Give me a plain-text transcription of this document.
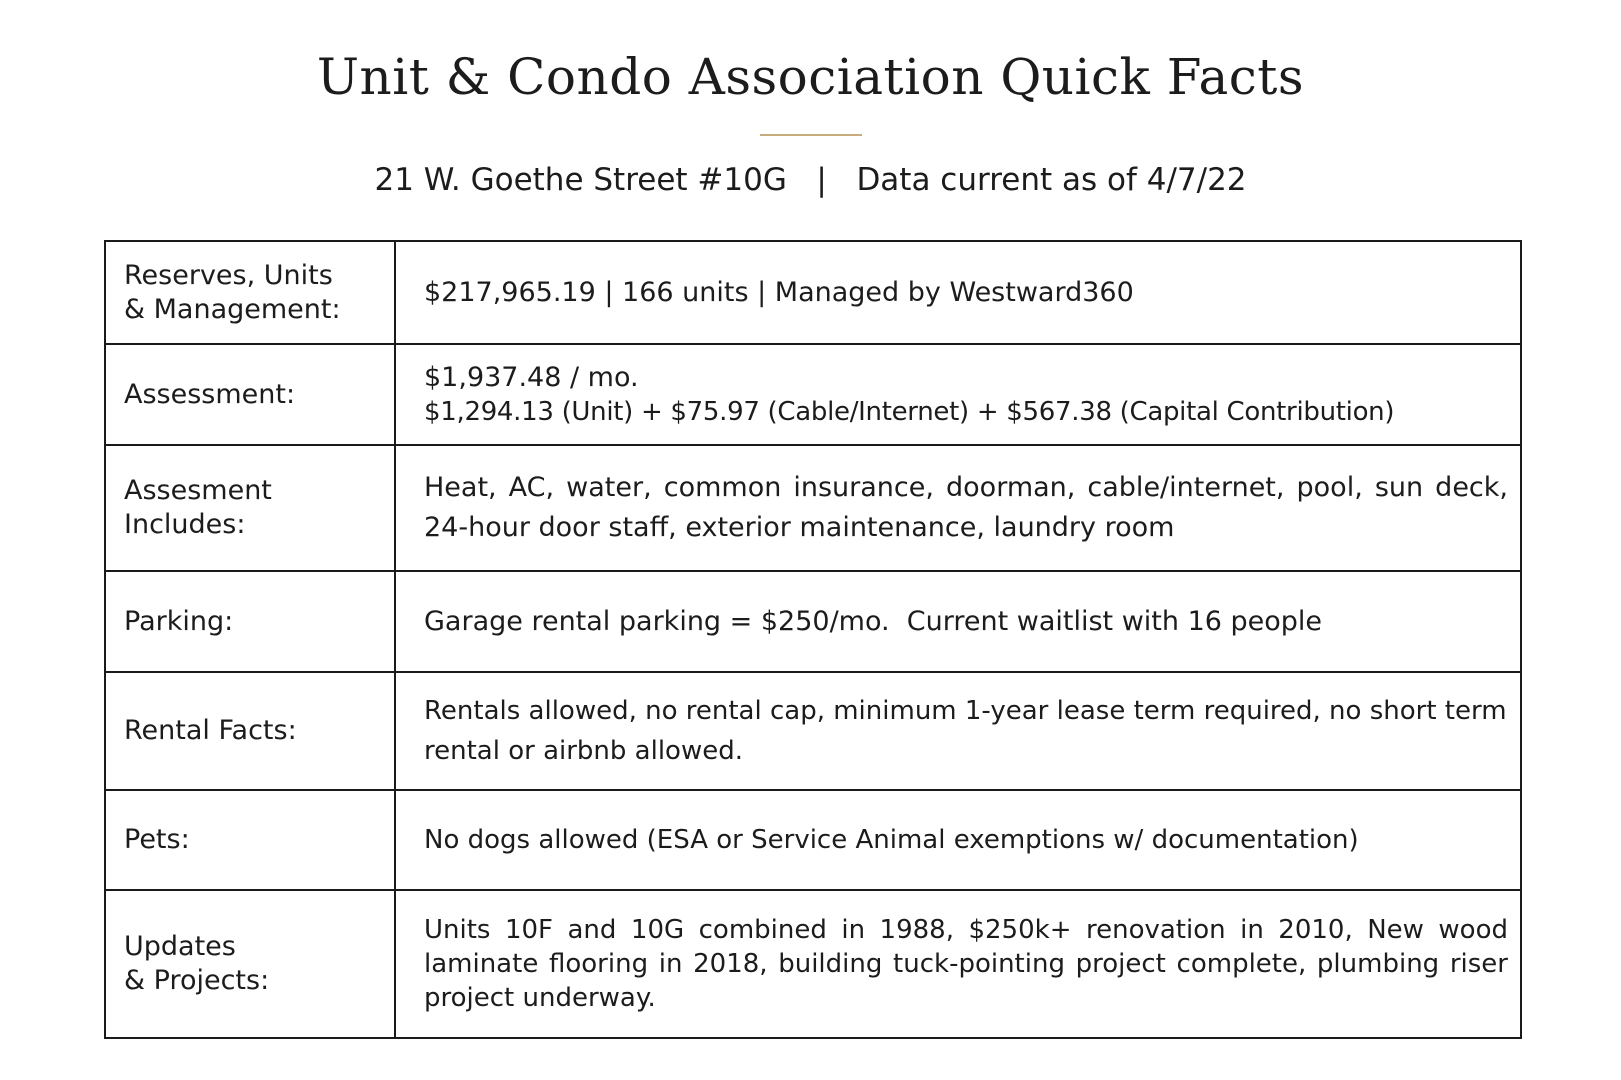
Unit & Condo Association Quick Facts
21 W. Goethe Street #10G   |   Data current as of 4/7/22
Reserves, Units
& Management:	$217,965.19 | 166 units | Managed by Westward360

Assessment:	$1,937.48 / mo.
$1,294.13 (Unit) + $75.97 (Cable/Internet) + $567.38 (Capital Contribution)

Assesment
Includes:	Heat, AC, water, common insurance, doorman, cable/internet, pool, sun deck, 24-hour door staff, exterior maintenance, laundry room

Parking:	Garage rental parking = $250/mo.  Current waitlist with 16 people

Rental Facts:	Rentals allowed, no rental cap, minimum 1-year lease term required, no short term rental or airbnb allowed.

Pets:	No dogs allowed (ESA or Service Animal exemptions w/ documentation)

Updates
& Projects:	Units 10F and 10G combined in 1988, $250k+ renovation in 2010, New wood laminate flooring in 2018, building tuck-pointing project complete, plumbing riser project underway.
